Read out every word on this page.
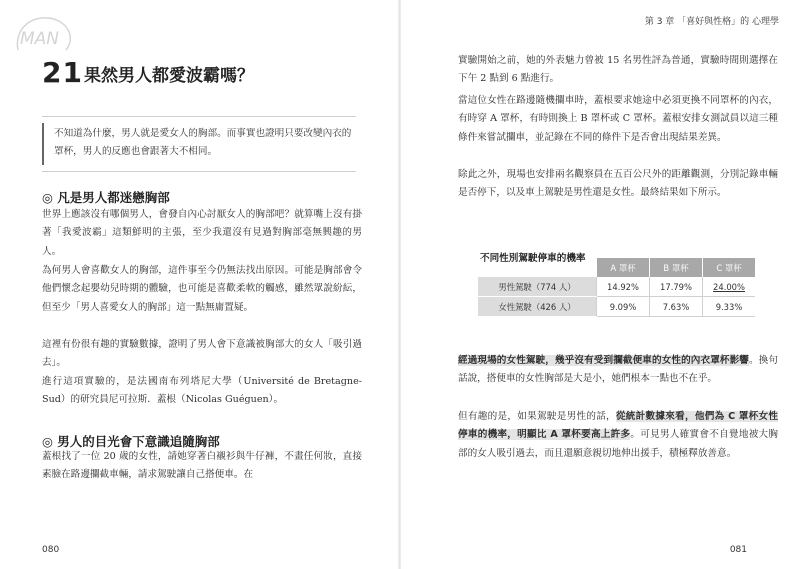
MAN
21 果然男人都愛波霸嗎？
不知道為什麼，男人就是愛女人的胸部。而事實也證明只要改變內衣的罩杯，男人的反應也會跟著大不相同。
◎ 凡是男人都迷戀胸部
世界上應該沒有哪個男人，會發自內心討厭女人的胸部吧？就算嘴上沒有掛著「我愛波霸」這類鮮明的主張，至少我還沒有見過對胸部毫無興趣的男人。
為何男人會喜歡女人的胸部，這件事至今仍無法找出原因。可能是胸部會令他們懷念起嬰幼兒時期的體驗，也可能是喜歡柔軟的觸感，雖然眾說紛紜，但至少「男人喜愛女人的胸部」這一點無庸置疑。
這裡有份很有趣的實驗數據，證明了男人會下意識被胸部大的女人「吸引過去」。
進行這項實驗的，是法國南布列塔尼大學（Université de Bretagne-Sud）的研究員尼可拉斯．蓋根（Nicolas Guéguen）。
◎ 男人的目光會下意識追隨胸部
蓋根找了一位 20 歲的女性，請她穿著白襯衫與牛仔褲，不畫任何妝，直接素臉在路邊攔截車輛，請求駕駛讓自己搭便車。在
080
第 3 章 「喜好與性格」的 心理學
實驗開始之前，她的外表魅力曾被 15 名男性評為普通，實驗時間則選擇在下午 2 點到 6 點進行。
當這位女性在路邊隨機攔車時，蓋根要求她途中必須更換不同罩杯的內衣，有時穿 A 罩杯，有時則換上 B 罩杯或 C 罩杯。蓋根安排女測試員以這三種條件來嘗試攔車，並記錄在不同的條件下是否會出現結果差異。
除此之外，現場也安排兩名觀察員在五百公尺外的距離觀測，分別記錄車輛是否停下，以及車上駕駛是男性還是女性。最終結果如下所示。
不同性別駕駛停車的機率
	A 罩杯	B 罩杯	C 罩杯
男性駕駛（774 人）	14.92%	17.79%	24.00%
女性駕駛（426 人）	9.09%	7.63%	9.33%
經過現場的女性駕駛，幾乎沒有受到攔截便車的女性的內衣罩杯影響。換句話說，搭便車的女性胸部是大是小，她們根本一點也不在乎。
但有趣的是，如果駕駛是男性的話，從統計數據來看，他們為 C 罩杯女性停車的機率，明顯比 A 罩杯要高上許多。可見男人確實會不自覺地被大胸部的女人吸引過去，而且還願意親切地伸出援手，積極釋放善意。
081
